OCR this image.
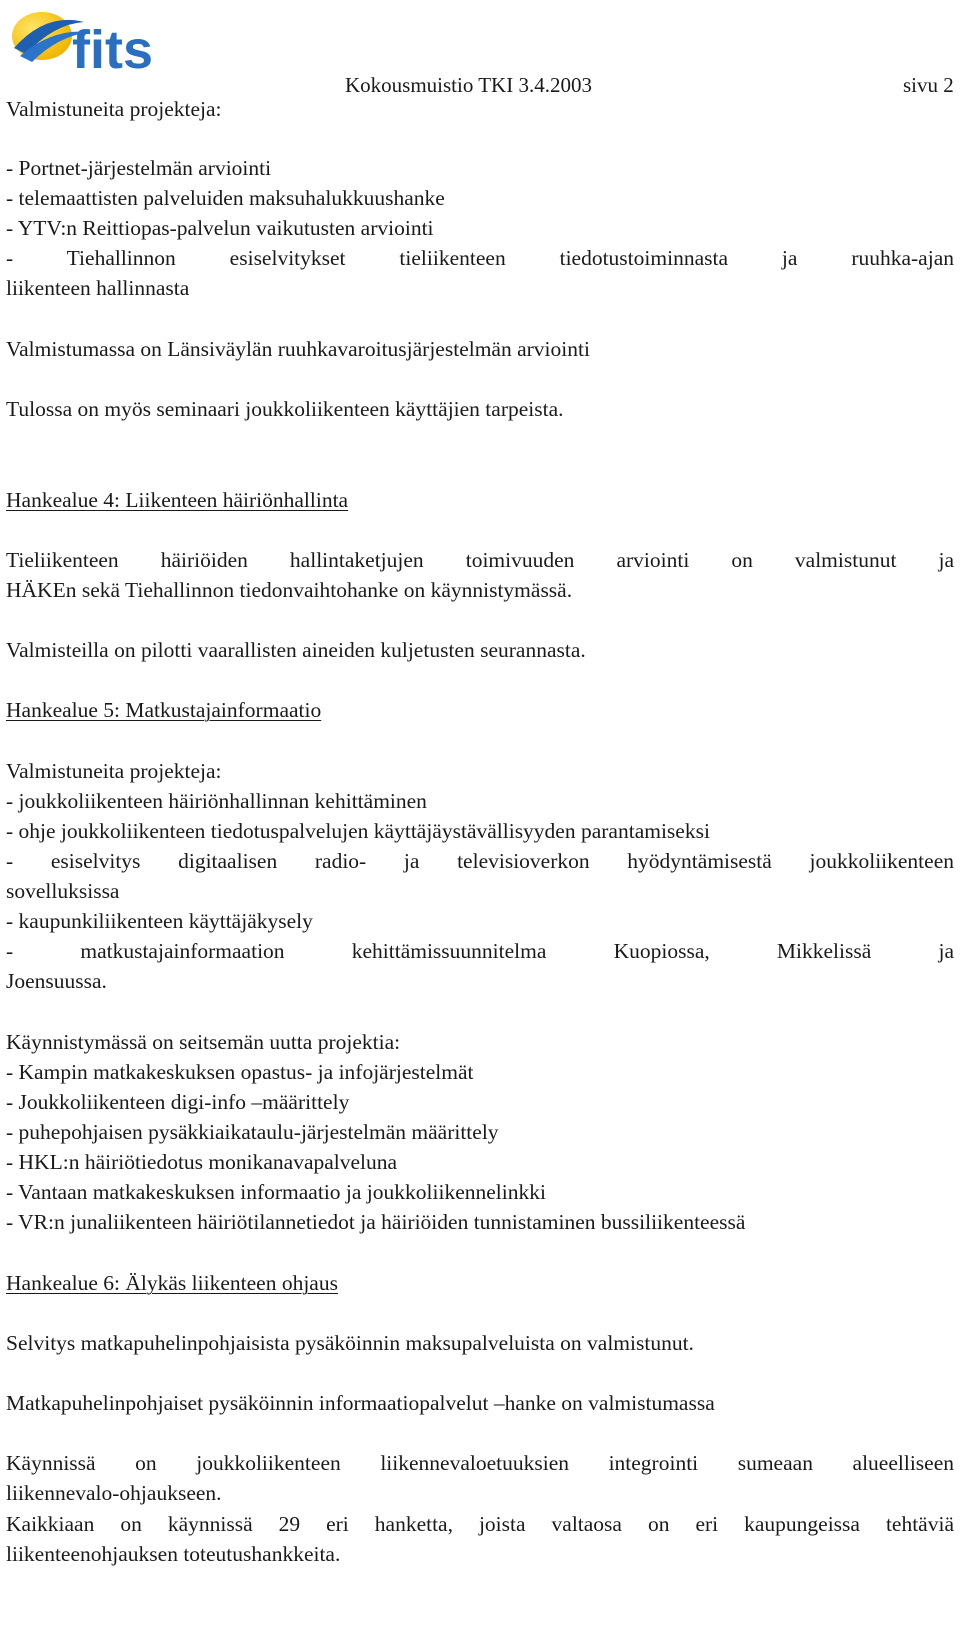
fits
Kokousmuistio TKI 3.4.2003	sivu 2
Valmistuneita projekteja:
- Portnet-järjestelmän arviointi
- telemaattisten palveluiden maksuhalukkuushanke
- YTV:n Reittiopas-palvelun vaikutusten arviointi
- Tiehallinnon esiselvitykset tieliikenteen tiedotustoiminnasta ja ruuhka-ajan
liikenteen hallinnasta
Valmistumassa on Länsiväylän ruuhkavaroitusjärjestelmän arviointi
Tulossa on myös seminaari joukkoliikenteen käyttäjien tarpeista.
Hankealue 4: Liikenteen häiriönhallinta
Tieliikenteen häiriöiden hallintaketjujen toimivuuden arviointi on valmistunut ja
HÄKEn sekä Tiehallinnon tiedonvaihtohanke on käynnistymässä.
Valmisteilla on pilotti vaarallisten aineiden kuljetusten seurannasta.
Hankealue 5: Matkustajainformaatio
Valmistuneita projekteja:
- joukkoliikenteen häiriönhallinnan kehittäminen
- ohje joukkoliikenteen tiedotuspalvelujen käyttäjäystävällisyyden parantamiseksi
- esiselvitys digitaalisen radio- ja televisioverkon hyödyntämisestä joukkoliikenteen
sovelluksissa
- kaupunkiliikenteen käyttäjäkysely
- matkustajainformaation kehittämissuunnitelma Kuopiossa, Mikkelissä ja
Joensuussa.
Käynnistymässä on seitsemän uutta projektia:
- Kampin matkakeskuksen opastus- ja infojärjestelmät
- Joukkoliikenteen digi-info –määrittely
- puhepohjaisen pysäkkiaikataulu-järjestelmän määrittely
- HKL:n häiriötiedotus monikanavapalveluna
- Vantaan matkakeskuksen informaatio ja joukkoliikennelinkki
- VR:n junaliikenteen häiriötilannetiedot ja häiriöiden tunnistaminen bussiliikenteessä
Hankealue 6: Älykäs liikenteen ohjaus
Selvitys matkapuhelinpohjaisista pysäköinnin maksupalveluista on valmistunut.
Matkapuhelinpohjaiset pysäköinnin informaatiopalvelut –hanke on valmistumassa
Käynnissä on joukkoliikenteen liikennevaloetuuksien integrointi sumeaan alueelliseen
liikennevalo-ohjaukseen.
Kaikkiaan on käynnissä 29 eri hanketta, joista valtaosa on eri kaupungeissa tehtäviä
liikenteenohjauksen toteutushankkeita.
